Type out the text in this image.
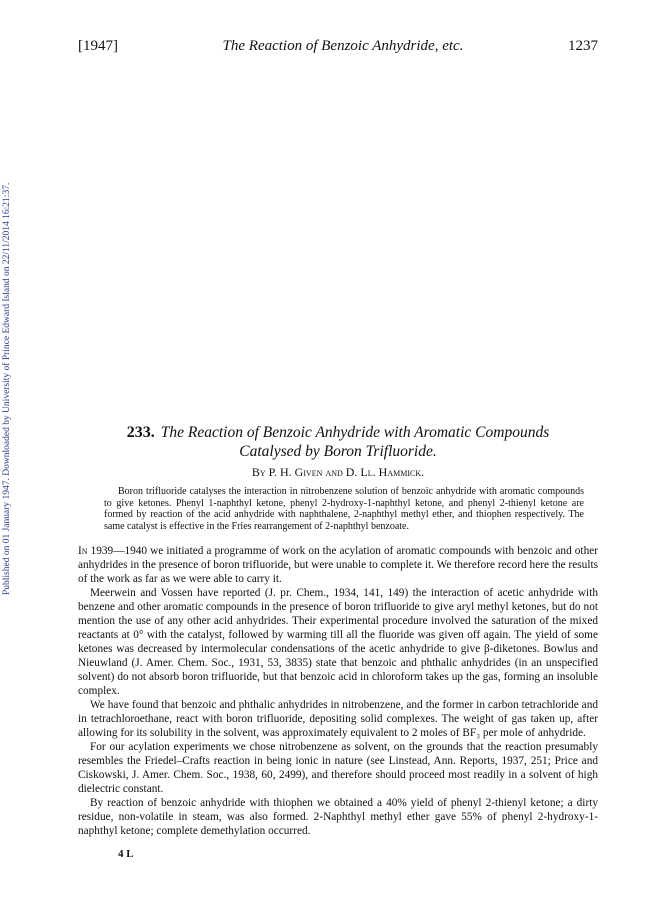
Published on 01 January 1947. Downloaded by University of Prince Edward Island on 22/11/2014 16:21:37.
[1947]	The Reaction of Benzoic Anhydride, etc.	1237
233. The Reaction of Benzoic Anhydride with Aromatic Compounds
Catalysed by Boron Trifluoride.
By P. H. Given and D. Ll. Hammick.
Boron trifluoride catalyses the interaction in nitrobenzene solution of benzoic anhydride with aromatic compounds to give ketones. Phenyl 1-naphthyl ketone, phenyl 2-hydroxy-1-naphthyl ketone, and phenyl 2-thienyl ketone are formed by reaction of the acid anhydride with naphthalene, 2-naphthyl methyl ether, and thiophen respectively. The same catalyst is effective in the Fries rearrangement of 2-naphthyl benzoate.

In 1939—1940 we initiated a programme of work on the acylation of aromatic compounds with benzoic and other anhydrides in the presence of boron trifluoride, but were unable to complete it. We therefore record here the results of the work as far as we were able to carry it.

Meerwein and Vossen have reported (J. pr. Chem., 1934, 141, 149) the interaction of acetic anhydride with benzene and other aromatic compounds in the presence of boron trifluoride to give aryl methyl ketones, but do not mention the use of any other acid anhydrides. Their experimental procedure involved the saturation of the mixed reactants at 0° with the catalyst, followed by warming till all the fluoride was given off again. The yield of some ketones was decreased by intermolecular condensations of the acetic anhydride to give β-diketones. Bowlus and Nieuwland (J. Amer. Chem. Soc., 1931, 53, 3835) state that benzoic and phthalic anhydrides (in an unspecified solvent) do not absorb boron trifluoride, but that benzoic acid in chloroform takes up the gas, forming an insoluble complex.

We have found that benzoic and phthalic anhydrides in nitrobenzene, and the former in carbon tetrachloride and in tetrachloroethane, react with boron trifluoride, depositing solid complexes. The weight of gas taken up, after allowing for its solubility in the solvent, was approximately equivalent to 2 moles of BF₃ per mole of anhydride.

For our acylation experiments we chose nitrobenzene as solvent, on the grounds that the reaction presumably resembles the Friedel–Crafts reaction in being ionic in nature (see Linstead, Ann. Reports, 1937, 251; Price and Ciskowski, J. Amer. Chem. Soc., 1938, 60, 2499), and therefore should proceed most readily in a solvent of high dielectric constant.

By reaction of benzoic anhydride with thiophen we obtained a 40% yield of phenyl 2-thienyl ketone; a dirty residue, non-volatile in steam, was also formed. 2-Naphthyl methyl ether gave 55% of phenyl 2-hydroxy-1-naphthyl ketone; complete demethylation occurred.

4 L
